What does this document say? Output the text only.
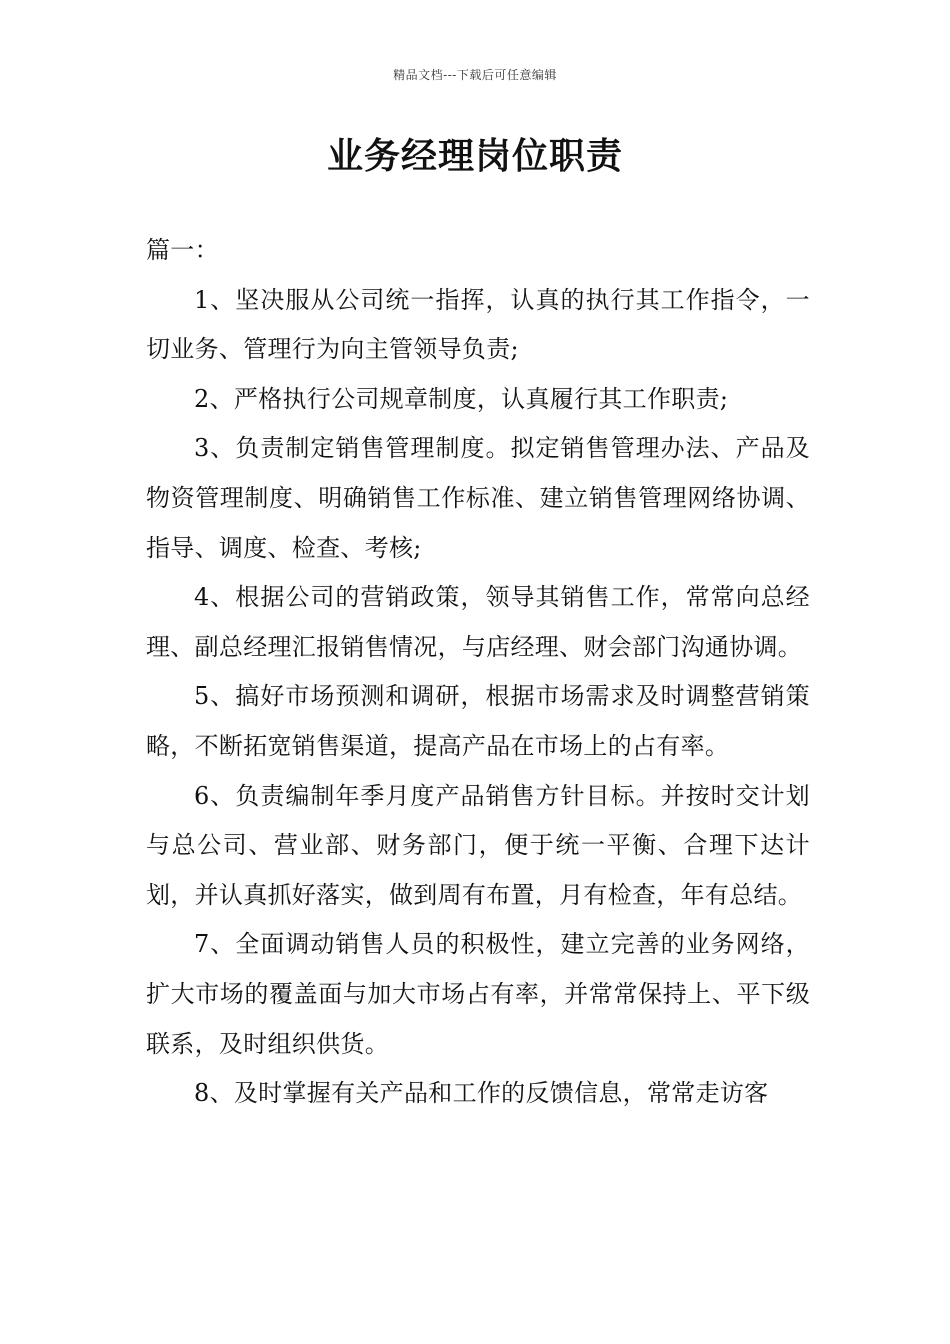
精品文档---下载后可任意编辑
业务经理岗位职责

篇一：

1、坚决服从公司统一指挥，认真的执行其工作指令，一切业务、管理行为向主管领导负责;

2、严格执行公司规章制度，认真履行其工作职责;

3、负责制定销售管理制度。拟定销售管理办法、产品及物资管理制度、明确销售工作标准、建立销售管理网络协调、指导、调度、检查、考核;

4、根据公司的营销政策，领导其销售工作，常常向总经理、副总经理汇报销售情况，与店经理、财会部门沟通协调。

5、搞好市场预测和调研，根据市场需求及时调整营销策略，不断拓宽销售渠道，提高产品在市场上的占有率。

6、负责编制年季月度产品销售方针目标。并按时交计划与总公司、营业部、财务部门，便于统一平衡、合理下达计划，并认真抓好落实，做到周有布置，月有检查，年有总结。

7、全面调动销售人员的积极性，建立完善的业务网络，扩大市场的覆盖面与加大市场占有率，并常常保持上、平下级联系，及时组织供货。

8、及时掌握有关产品和工作的反馈信息，常常走访客
